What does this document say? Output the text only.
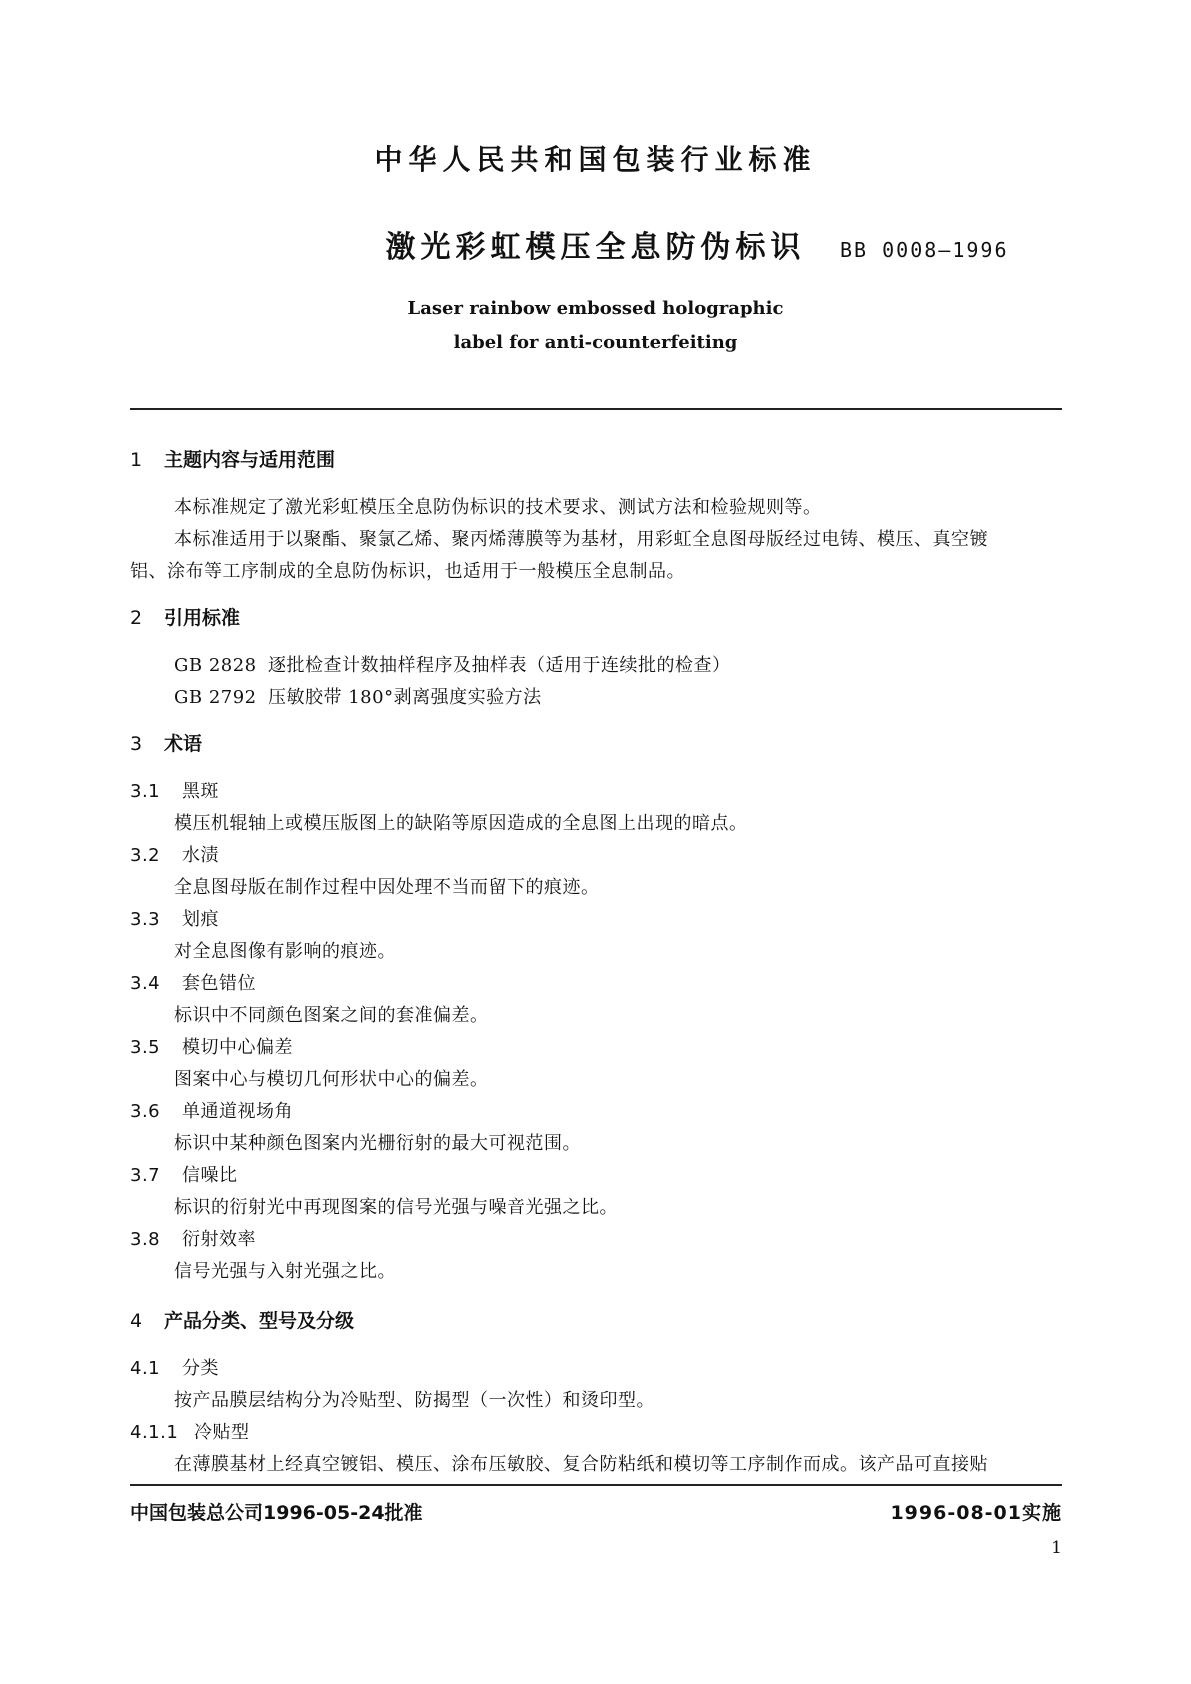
中华人民共和国包装行业标准
激光彩虹模压全息防伪标识	BB 0008—1996
Laser rainbow embossed holographic
label for anti-counterfeiting
1 主题内容与适用范围
本标准规定了激光彩虹模压全息防伪标识的技术要求、测试方法和检验规则等。
本标准适用于以聚酯、聚氯乙烯、聚丙烯薄膜等为基材，用彩虹全息图母版经过电铸、模压、真空镀
铝、涂布等工序制成的全息防伪标识，也适用于一般模压全息制品。
2 引用标准
GB 2828 逐批检查计数抽样程序及抽样表（适用于连续批的检查）
GB 2792 压敏胶带 180°剥离强度实验方法
3 术语
3.1 黑斑
模压机辊轴上或模压版图上的缺陷等原因造成的全息图上出现的暗点。
3.2 水渍
全息图母版在制作过程中因处理不当而留下的痕迹。
3.3 划痕
对全息图像有影响的痕迹。
3.4 套色错位
标识中不同颜色图案之间的套准偏差。
3.5 模切中心偏差
图案中心与模切几何形状中心的偏差。
3.6 单通道视场角
标识中某种颜色图案内光栅衍射的最大可视范围。
3.7 信噪比
标识的衍射光中再现图案的信号光强与噪音光强之比。
3.8 衍射效率
信号光强与入射光强之比。
4 产品分类、型号及分级
4.1 分类
按产品膜层结构分为冷贴型、防揭型（一次性）和烫印型。
4.1.1 冷贴型
在薄膜基材上经真空镀铝、模压、涂布压敏胶、复合防粘纸和模切等工序制作而成。该产品可直接贴
中国包装总公司1996-05-24批准	1996-08-01实施
1
